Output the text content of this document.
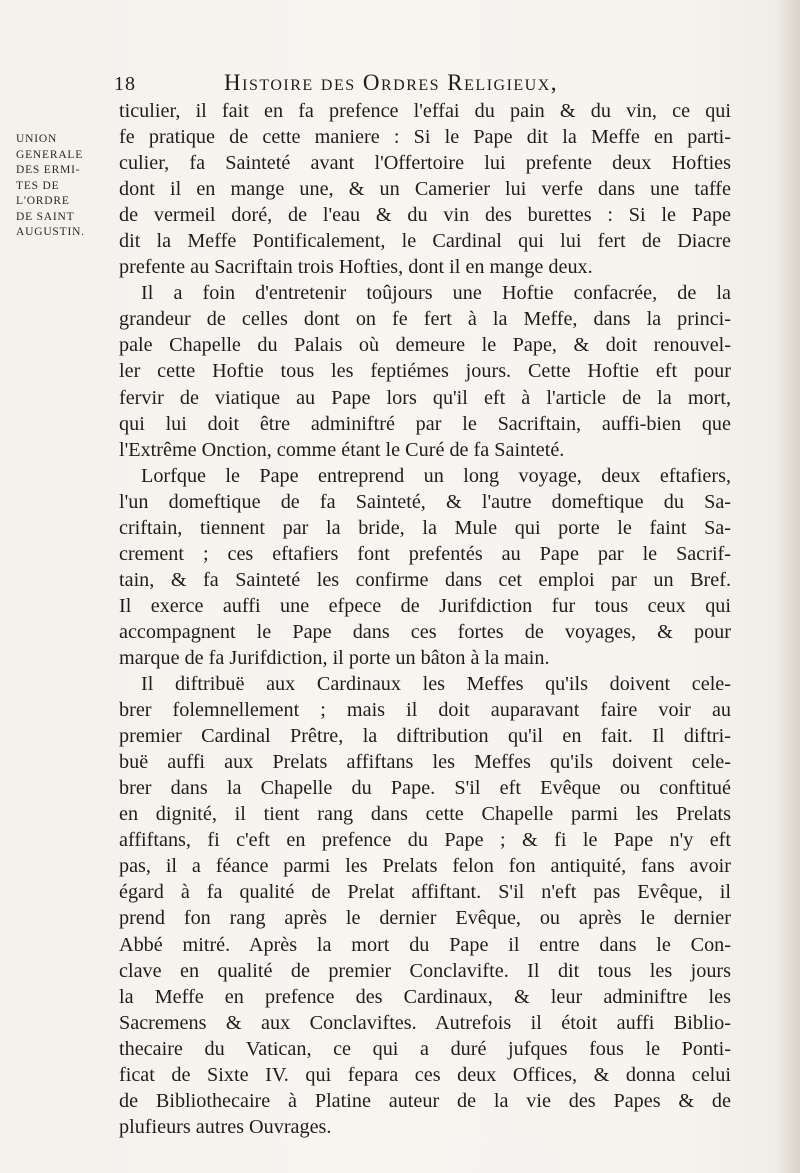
18	Histoire des Ordres Religieux,
UNION
GENERALE
DES ERMI-
TES DE
L'ORDRE
DE SAINT
AUGUSTIN.
ticulier, il fait en fa prefence l'effai du pain & du vin, ce qui
fe pratique de cette maniere : Si le Pape dit la Meffe en parti-
culier, fa Sainteté avant l'Offertoire lui prefente deux Hofties
dont il en mange une, & un Camerier lui verfe dans une taffe
de vermeil doré, de l'eau & du vin des burettes : Si le Pape
dit la Meffe Pontificalement, le Cardinal qui lui fert de Diacre
prefente au Sacriftain trois Hofties, dont il en mange deux.
Il a foin d'entretenir toûjours une Hoftie confacrée, de la
grandeur de celles dont on fe fert à la Meffe, dans la princi-
pale Chapelle du Palais où demeure le Pape, & doit renouvel-
ler cette Hoftie tous les feptiémes jours. Cette Hoftie eft pour
fervir de viatique au Pape lors qu'il eft à l'article de la mort,
qui lui doit être adminiftré par le Sacriftain, auffi-bien que
l'Extrême Onction, comme étant le Curé de fa Sainteté.
Lorfque le Pape entreprend un long voyage, deux eftafiers,
l'un domeftique de fa Sainteté, & l'autre domeftique du Sa-
criftain, tiennent par la bride, la Mule qui porte le faint Sa-
crement ; ces eftafiers font prefentés au Pape par le Sacrif-
tain, & fa Sainteté les confirme dans cet emploi par un Bref.
Il exerce auffi une efpece de Jurifdiction fur tous ceux qui
accompagnent le Pape dans ces fortes de voyages, & pour
marque de fa Jurifdiction, il porte un bâton à la main.
Il diftribuë aux Cardinaux les Meffes qu'ils doivent cele-
brer folemnellement ; mais il doit auparavant faire voir au
premier Cardinal Prêtre, la diftribution qu'il en fait. Il diftri-
buë auffi aux Prelats affiftans les Meffes qu'ils doivent cele-
brer dans la Chapelle du Pape. S'il eft Evêque ou conftitué
en dignité, il tient rang dans cette Chapelle parmi les Prelats
affiftans, fi c'eft en prefence du Pape ; & fi le Pape n'y eft
pas, il a féance parmi les Prelats felon fon antiquité, fans avoir
égard à fa qualité de Prelat affiftant. S'il n'eft pas Evêque, il
prend fon rang après le dernier Evêque, ou après le dernier
Abbé mitré. Après la mort du Pape il entre dans le Con-
clave en qualité de premier Conclavifte. Il dit tous les jours
la Meffe en prefence des Cardinaux, & leur adminiftre les
Sacremens & aux Conclaviftes. Autrefois il étoit auffi Biblio-
thecaire du Vatican, ce qui a duré jufques fous le Ponti-
ficat de Sixte IV. qui fepara ces deux Offices, & donna celui
de Bibliothecaire à Platine auteur de la vie des Papes & de
plufieurs autres Ouvrages.
